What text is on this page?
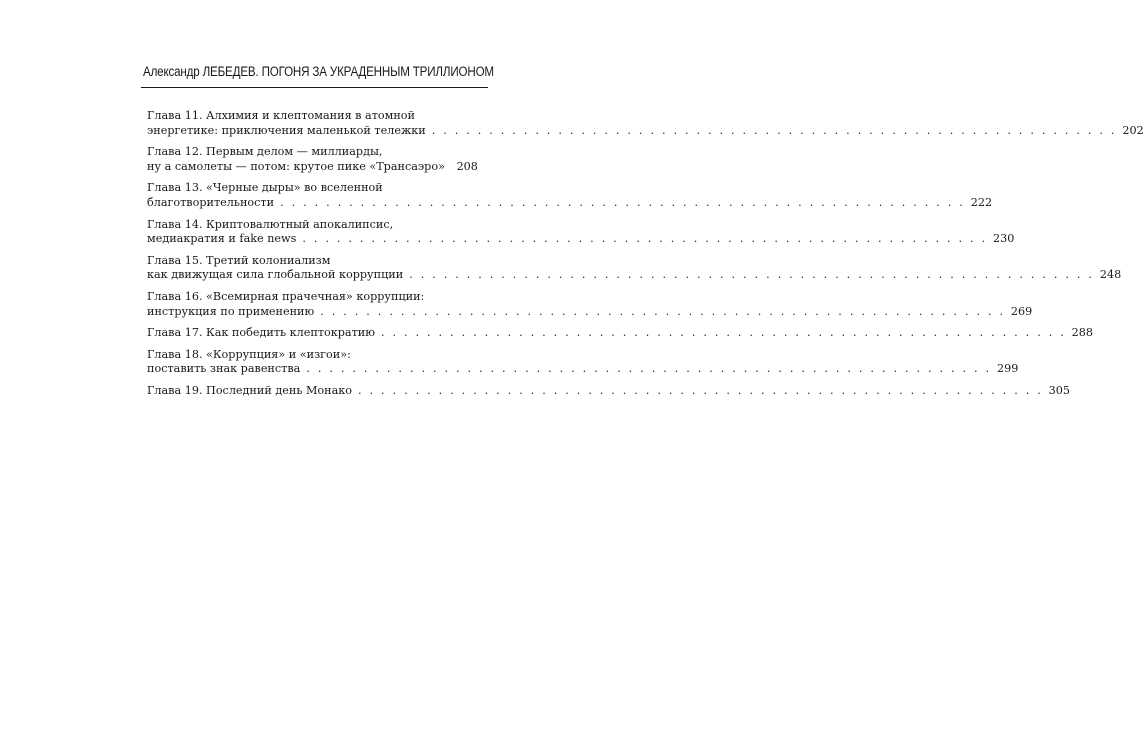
Александр ЛЕБЕДЕВ. ПОГОНЯ ЗА УКРАДЕННЫМ ТРИЛЛИОНОМ
Глава 11. Алхимия и клептомания в атомной
энергетике: приключения маленькой тележки . . . . . . . . . . . . . . . . . . . . . . . . . . . . . . . . . . . . . . . . . . . . . . . . . . . . . . . . . . . . 202
Глава 12. Первым делом — миллиарды,
ну а самолеты — потом: крутое пике «Трансаэро» 208
Глава 13. «Черные дыры» во вселенной
благотворительности . . . . . . . . . . . . . . . . . . . . . . . . . . . . . . . . . . . . . . . . . . . . . . . . . . . . . . . . . . . . 222
Глава 14. Криптовалютный апокалипсис,
медиакратия и fake news . . . . . . . . . . . . . . . . . . . . . . . . . . . . . . . . . . . . . . . . . . . . . . . . . . . . . . . . . . . . 230
Глава 15. Третий колониализм
как движущая сила глобальной коррупции . . . . . . . . . . . . . . . . . . . . . . . . . . . . . . . . . . . . . . . . . . . . . . . . . . . . . . . . . . . . 248
Глава 16. «Всемирная прачечная» коррупции:
инструкция по применению . . . . . . . . . . . . . . . . . . . . . . . . . . . . . . . . . . . . . . . . . . . . . . . . . . . . . . . . . . . . 269
Глава 17. Как победить клептократию . . . . . . . . . . . . . . . . . . . . . . . . . . . . . . . . . . . . . . . . . . . . . . . . . . . . . . . . . . . . 288
Глава 18. «Коррупция» и «изгои»:
поставить знак равенства . . . . . . . . . . . . . . . . . . . . . . . . . . . . . . . . . . . . . . . . . . . . . . . . . . . . . . . . . . . . 299
Глава 19. Последний день Монако . . . . . . . . . . . . . . . . . . . . . . . . . . . . . . . . . . . . . . . . . . . . . . . . . . . . . . . . . . . . 305
